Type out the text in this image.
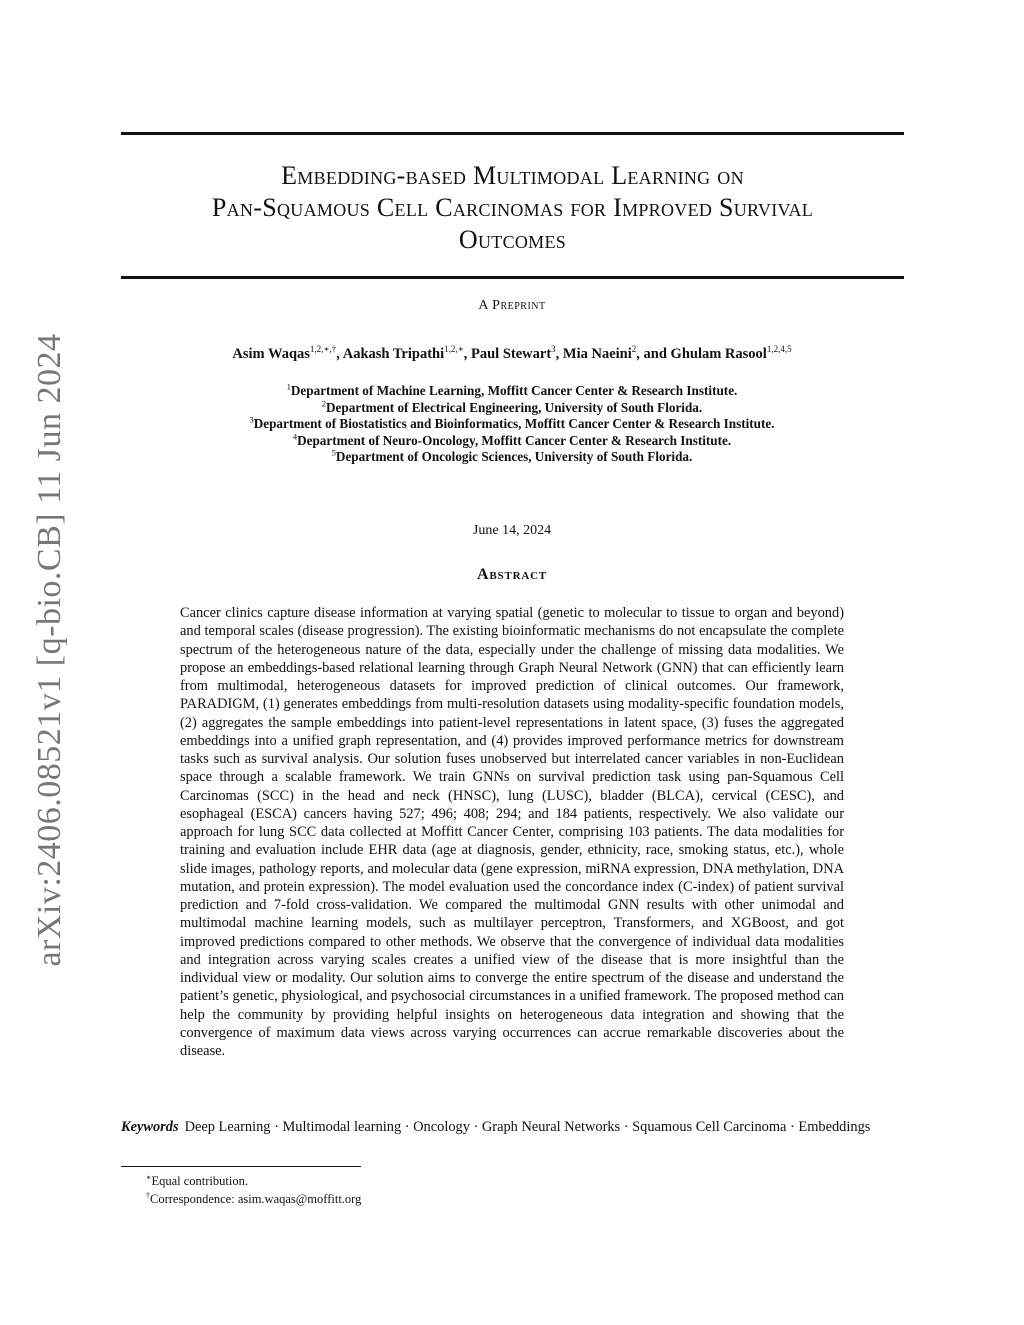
arXiv:2406.08521v1 [q-bio.CB] 11 Jun 2024
Embedding-based Multimodal Learning on
Pan-Squamous Cell Carcinomas for Improved Survival
Outcomes
A Preprint
Asim Waqas$^{1,2,∗,\dagger}$, Aakash Tripathi$^{1,2,∗}$, Paul Stewart$^3$, Mia Naeini$^2$, and Ghulam Rasool$^{1,2,4,5}$
$^1$Department of Machine Learning, Moffitt Cancer Center & Research Institute.
$^2$Department of Electrical Engineering, University of South Florida.
$^3$Department of Biostatistics and Bioinformatics, Moffitt Cancer Center & Research Institute.
$^4$Department of Neuro-Oncology, Moffitt Cancer Center & Research Institute.
$^5$Department of Oncologic Sciences, University of South Florida.
June 14, 2024
Abstract
Cancer clinics capture disease information at varying spatial (genetic to molecular to tissue to organ and beyond) and temporal scales (disease progression). The existing bioinformatic mechanisms do not encapsulate the complete spectrum of the heterogeneous nature of the data, especially under the challenge of missing data modalities. We propose an embeddings-based relational learning through Graph Neural Network (GNN) that can efficiently learn from multimodal, heterogeneous datasets for improved prediction of clinical outcomes. Our framework, PARADIGM, (1) generates embeddings from multi-resolution datasets using modality-specific foundation models, (2) aggregates the sample embeddings into patient-level representations in latent space, (3) fuses the aggregated embeddings into a unified graph representation, and (4) provides improved performance metrics for downstream tasks such as survival analysis. Our solution fuses unobserved but interrelated cancer variables in non-Euclidean space through a scalable framework. We train GNNs on survival prediction task using pan-Squamous Cell Carcinomas (SCC) in the head and neck (HNSC), lung (LUSC), bladder (BLCA), cervical (CESC), and esophageal (ESCA) cancers having 527; 496; 408; 294; and 184 patients, respectively. We also validate our approach for lung SCC data collected at Moffitt Cancer Center, comprising 103 patients. The data modalities for training and evaluation include EHR data (age at diagnosis, gender, ethnicity, race, smoking status, etc.), whole slide images, pathology reports, and molecular data (gene expression, miRNA expression, DNA methylation, DNA mutation, and protein expression). The model evaluation used the concordance index (C-index) of patient survival prediction and 7-fold cross-validation. We compared the multimodal GNN results with other unimodal and multimodal machine learning models, such as multilayer perceptron, Transformers, and XGBoost, and got improved predictions compared to other methods. We observe that the convergence of individual data modalities and integration across varying scales creates a unified view of the disease that is more insightful than the individual view or modality. Our solution aims to converge the entire spectrum of the disease and understand the patient’s genetic, physiological, and psychosocial circumstances in a unified framework. The proposed method can help the community by providing helpful insights on heterogeneous data integration and showing that the convergence of maximum data views across varying occurrences can accrue remarkable discoveries about the disease.
Keywords Deep Learning · Multimodal learning · Oncology · Graph Neural Networks · Squamous Cell Carcinoma · Embeddings
∗Equal contribution.
†Correspondence: asim.waqas@moffitt.org
